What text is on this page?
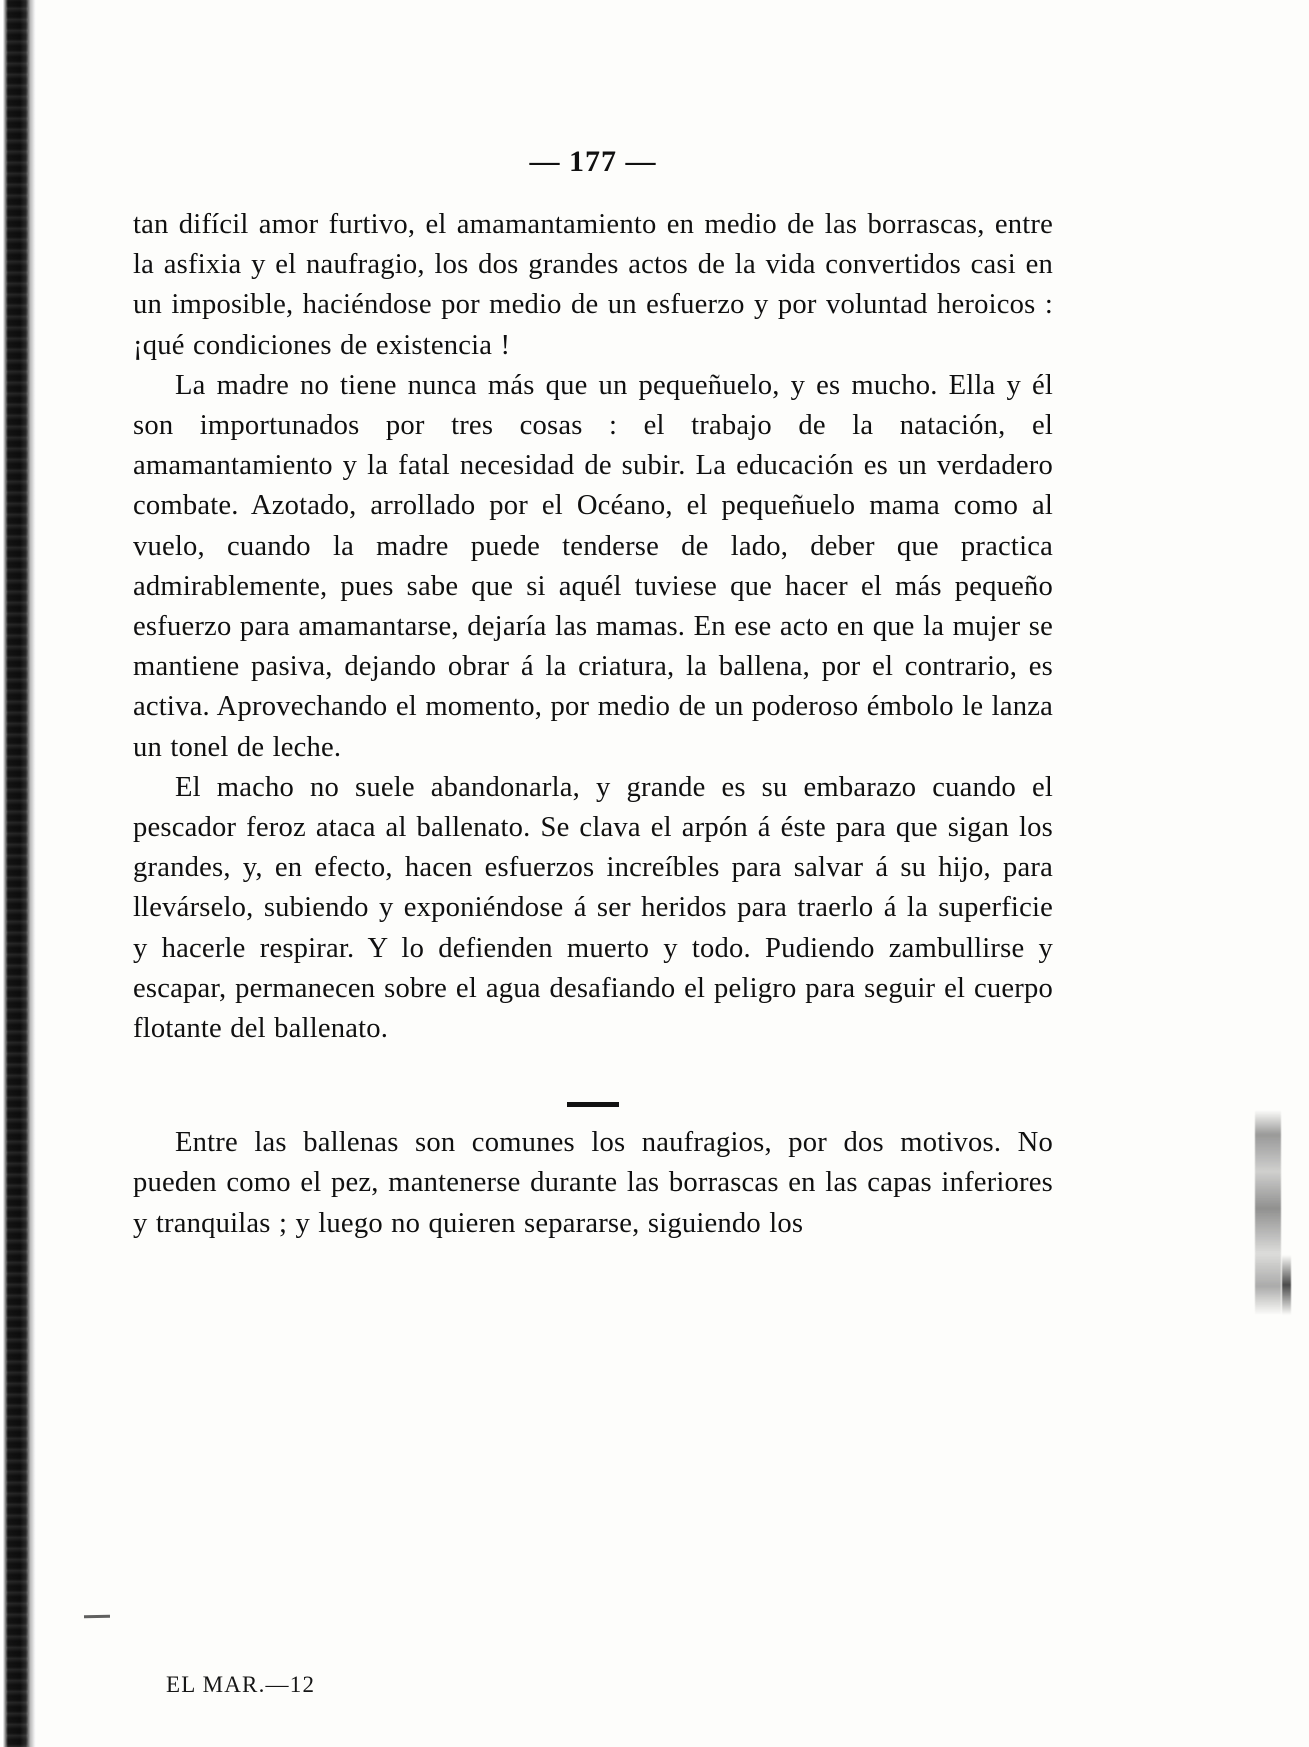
— 177 —

tan difícil amor furtivo, el amamantamiento en medio de las borrascas, entre la asfixia y el naufragio, los dos grandes actos de la vida convertidos casi en un imposible, haciéndose por medio de un esfuerzo y por voluntad heroicos : ¡qué condiciones de existencia !

La madre no tiene nunca más que un pequeñuelo, y es mucho. Ella y él son importunados por tres cosas : el trabajo de la natación, el amamantamiento y la fatal necesidad de subir. La educación es un verdadero combate. Azotado, arrollado por el Océano, el pequeñuelo mama como al vuelo, cuando la madre puede tenderse de lado, deber que practica admirablemente, pues sabe que si aquél tuviese que hacer el más pequeño esfuerzo para amamantarse, dejaría las mamas. En ese acto en que la mujer se mantiene pasiva, dejando obrar á la criatura, la ballena, por el contrario, es activa. Aprovechando el momento, por medio de un poderoso émbolo le lanza un tonel de leche.

El macho no suele abandonarla, y grande es su embarazo cuando el pescador feroz ataca al ballenato. Se clava el arpón á éste para que sigan los grandes, y, en efecto, hacen esfuerzos increíbles para salvar á su hijo, para llevárselo, subiendo y exponiéndose á ser heridos para traerlo á la superficie y hacerle respirar. Y lo defienden muerto y todo. Pudiendo zambullirse y escapar, permanecen sobre el agua desafiando el peligro para seguir el cuerpo flotante del ballenato.

Entre las ballenas son comunes los naufragios, por dos motivos. No pueden como el pez, mantenerse durante las borrascas en las capas inferiores y tranquilas ; y luego no quieren separarse, siguiendo los

EL MAR.—12
